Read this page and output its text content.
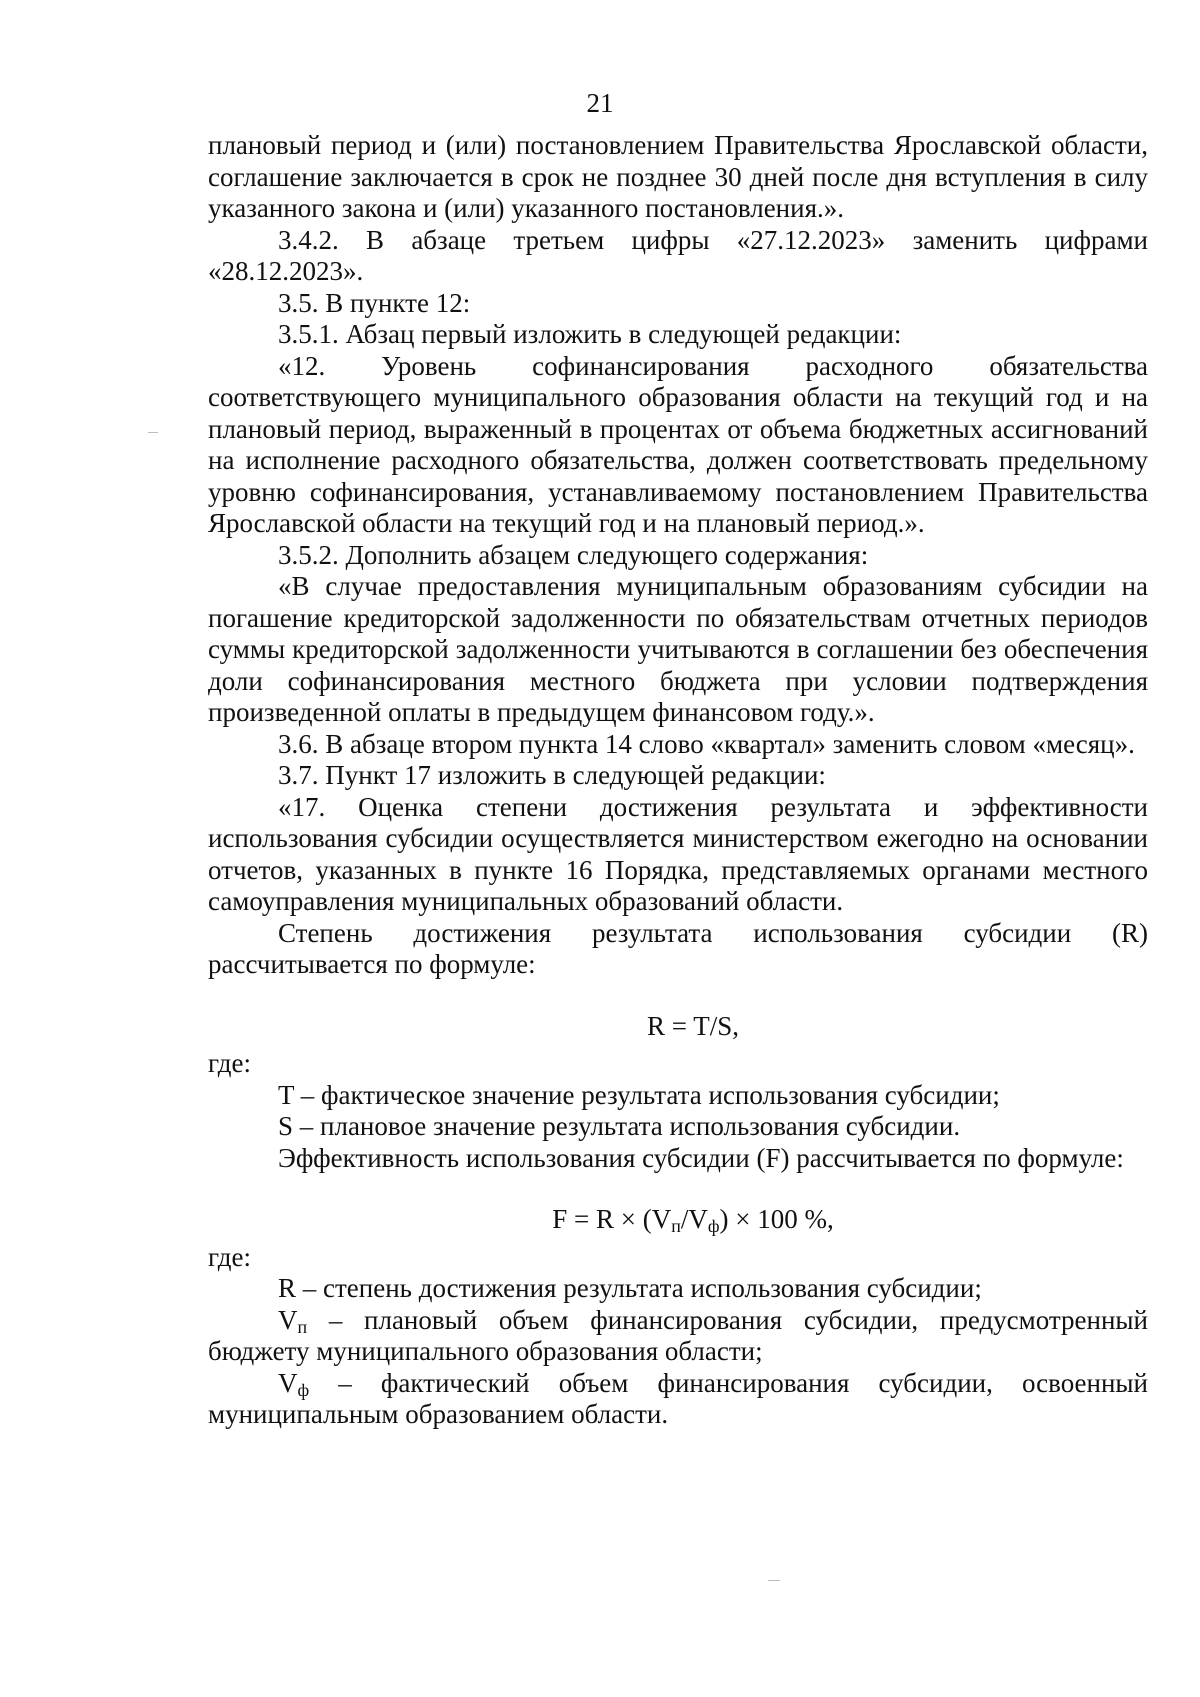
21

плановый период и (или) постановлением Правительства Ярославской области, соглашение заключается в срок не позднее 30 дней после дня вступления в силу указанного закона и (или) указанного постановления.».

3.4.2. В абзаце третьем цифры «27.12.2023» заменить цифрами «28.12.2023».

3.5. В пункте 12:

3.5.1. Абзац первый изложить в следующей редакции:

«12. Уровень софинансирования расходного обязательства соответствующего муниципального образования области на текущий год и на плановый период, выраженный в процентах от объема бюджетных ассигнований на исполнение расходного обязательства, должен соответствовать предельному уровню софинансирования, устанавливаемому постановлением Правительства Ярославской области на текущий год и на плановый период.».

3.5.2. Дополнить абзацем следующего содержания:

«В случае предоставления муниципальным образованиям субсидии на погашение кредиторской задолженности по обязательствам отчетных периодов суммы кредиторской задолженности учитываются в соглашении без обеспечения доли софинансирования местного бюджета при условии подтверждения произведенной оплаты в предыдущем финансовом году.».

3.6. В абзаце втором пункта 14 слово «квартал» заменить словом «месяц».

3.7. Пункт 17 изложить в следующей редакции:

«17. Оценка степени достижения результата и эффективности использования субсидии осуществляется министерством ежегодно на основании отчетов, указанных в пункте 16 Порядка, представляемых органами местного самоуправления муниципальных образований области.

Степень достижения результата использования субсидии (R) рассчитывается по формуле:

R = T/S,

где:

T – фактическое значение результата использования субсидии;

S – плановое значение результата использования субсидии.

Эффективность использования субсидии (F) рассчитывается по формуле:

$F = R \times (V_п/V_ф) \times 100$ %,

где:

R – степень достижения результата использования субсидии;

$V_п$ – плановый объем финансирования субсидии, предусмотренный бюджету муниципального образования области;

$V_ф$ – фактический объем финансирования субсидии, освоенный муниципальным образованием области.
